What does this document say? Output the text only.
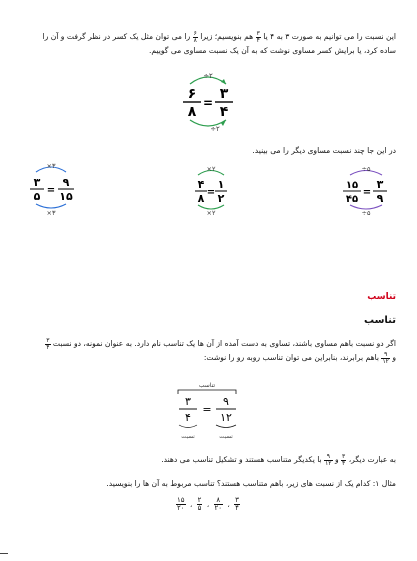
این نسبت را می توانیم به صورت ۳ به ۴ یا
$\frac{۳}{۴}$
هم بنویسیم؛ زیرا
$\frac{۶}{۸}$
را می توان مثل یک کسر در نظر گرفت و آن را
ساده کرد، یا برایش کسر مساوی نوشت که به آن یک نسبت مساوی می گوییم.
÷۲
۶
۸
=
۳
۴
÷۲
در این جا چند نسبت مساوی دیگر را می بینید.
×۳
۳
۵ =
۹
۱۵
×۳
×۲
۴
۸ =
۱
۲
×۲
÷۵
۱۵
۴۵
=
۳
۹
÷۵
تناسب
تناسب
اگر دو نسبت باهم مساوی باشند، تساوی به دست آمده از آن ها یک تناسب نام دارد. به عنوان نمونه، دو نسبت
$\frac{۳}{۴}$
و
$\frac{۹}{۱۲}$
باهم برابرند، بنابراین می توان تناسب روبه رو را نوشت:
تناسب
۳
۴
=
۹
۱۲
نسبت	نسبت
به عبارت دیگر،
$\frac{۳}{۴}$
و
$\frac{۹}{۱۲}$
با یکدیگر متناسب هستند و تشکیل تناسب می دهند.
مثال ۱: کدام یک از نسبت های زیر، باهم متناسب هستند؟ تناسب مربوط به آن ها را بنویسید.
$\frac{۱۵}{۲۰}$ ، $\frac{۲}{۵}$ ، $\frac{۸}{۲۰}$ ، $\frac{۳}{۴}$
